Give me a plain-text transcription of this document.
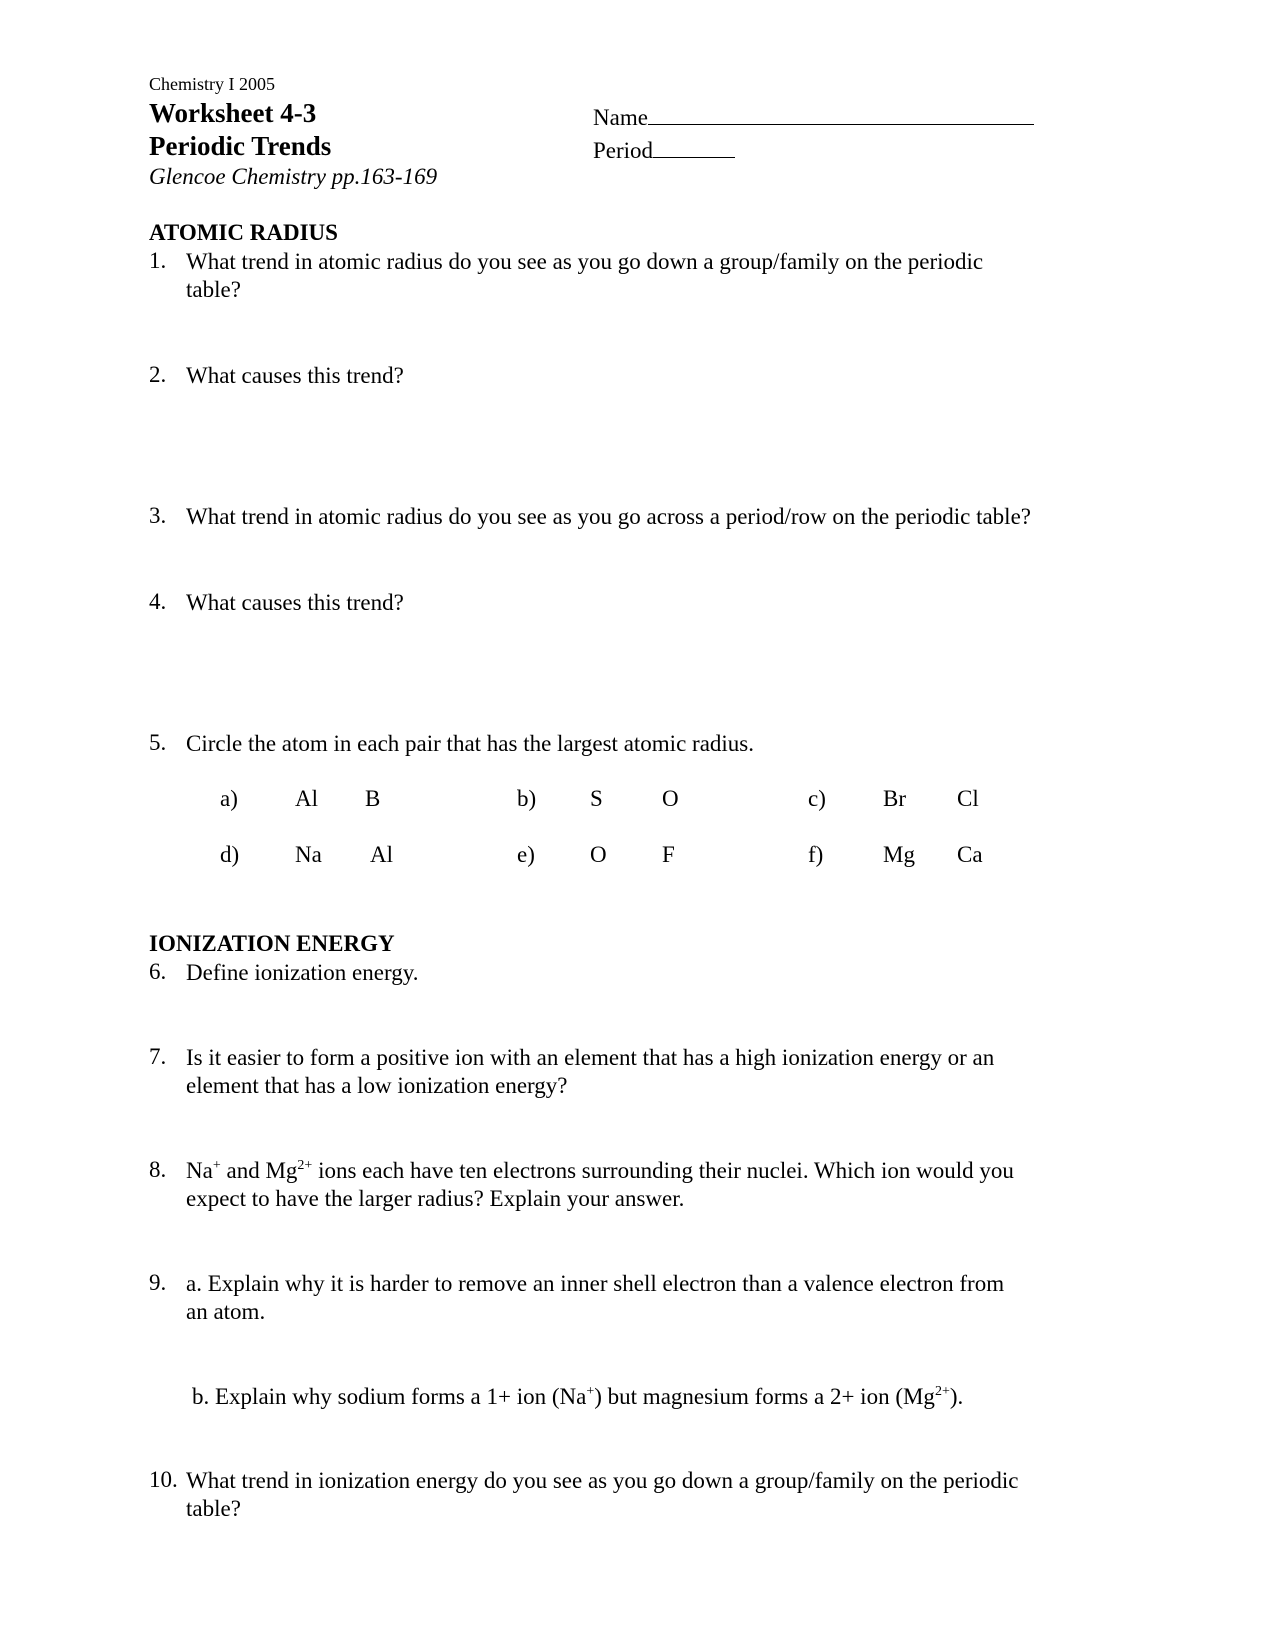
Chemistry I 2005
Worksheet 4-3
Periodic Trends
Glencoe Chemistry pp.163-169
Name
Period
ATOMIC RADIUS
1. What trend in atomic radius do you see as you go down a group/family on the periodic
table?
2. What causes this trend?
3. What trend in atomic radius do you see as you go across a period/row on the periodic table?
4. What causes this trend?
5. Circle the atom in each pair that has the largest atomic radius.
a) Al B	b) S	O	c) Br Cl
d) Na Al	e) O F	f)	Mg Ca
IONIZATION ENERGY
6. Define ionization energy.
7. Is it easier to form a positive ion with an element that has a high ionization energy or an
element that has a low ionization energy?
8. Na+ and $Mg^{2+}$ ions each have ten electrons surrounding their nuclei. Which ion would you
expect to have the larger radius? Explain your answer.
9. a. Explain why it is harder to remove an inner shell electron than a valence electron from
an atom.
b. Explain why sodium forms a 1+ ion (Na+) but magnesium forms a 2+ ion $(Mg^{2+})$.
10. What trend in ionization energy do you see as you go down a group/family on the periodic
table?
